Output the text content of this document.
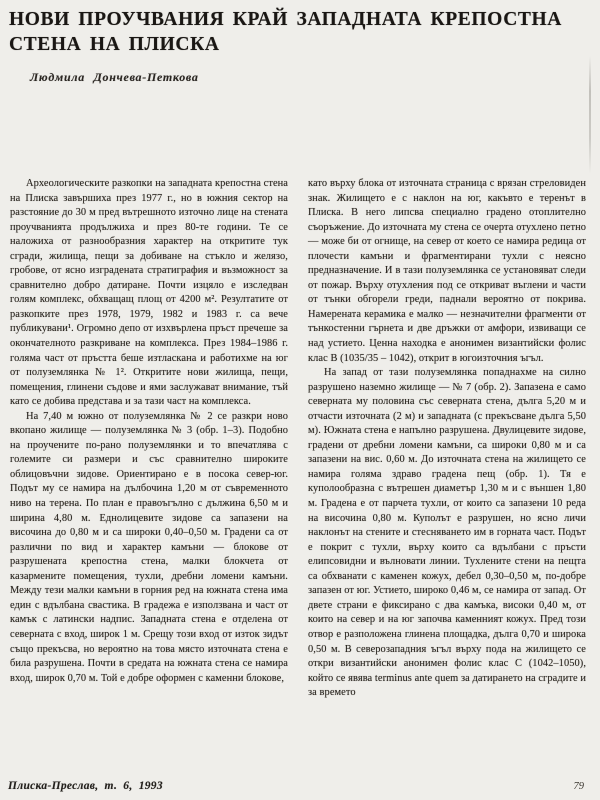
НОВИ ПРОУЧВАНИЯ КРАЙ ЗАПАДНАТА КРЕПОСТНА СТЕНА НА ПЛИСКА
Людмила Дончева-Петкова

Археологическите разкопки на западната крепостна стена на Плиска завършиха през 1977 г., но в южния сектор на разстояние до 30 м пред вътрешното източно лице на стената проучванията продължиха и през 80-те години. Те се наложиха от разнообразния характер на откритите тук сгради, жилища, пещи за добиване на стъкло и желязо, гробове, от ясно изградената стратиграфия и възможност за сравнително добро датиране. Почти изцяло е изследван голям комплекс, обхващащ площ от 4200 м². Резултатите от разкопките през 1978, 1979, 1982 и 1983 г. са вече публикувани¹. Огромно депо от изхвърлена пръст пречеше за окончателното разкриване на комплекса. През 1984–1986 г. голяма част от пръстта беше изтласкана и работихме на юг от полуземлянка № 1². Откритите нови жилища, пещи, помещения, глинени съдове и ями заслужават внимание, тъй като се добива представа и за тази част на комплекса.

На 7,40 м южно от полуземлянка № 2 се разкри ново вкопано жилище — полуземлянка № 3 (обр. 1–3). Подобно на проучените по-рано полуземлянки и то впечатлява с големите си размери и със сравнително широките облицовъчни зидове. Ориентирано е в посока север-юг. Подът му се намира на дълбочина 1,20 м от съвременното ниво на терена. По план е правоъгълно с дължина 6,50 м и ширина 4,80 м. Еднолицевите зидове са запазени на височина до 0,80 м и са широки 0,40–0,50 м. Градени са от различни по вид и характер камъни — блокове от разрушената крепостна стена, малки блокчета от казармените помещения, тухли, дребни ломени камъни. Между тези малки камъни в горния ред на южната стена има един с вдълбана свастика. В градежа е използвана и част от камък с латински надпис. Западната стена е отделена от северната с вход, широк 1 м. Срещу този вход от изток зидът също прекъсва, но вероятно на това място източната стена е била разрушена. Почти в средата на южната стена се намира вход, широк 0,70 м. Той е добре оформен с каменни блокове,

като върху блока от източната страница с врязан стреловиден знак. Жилището е с наклон на юг, какъвто е теренът в Плиска. В него липсва специално градено отоплително съоръжение. До източната му стена се очерта отухлено петно — може би от огнище, на север от което се намира редица от плочести камъни и фрагментирани тухли с неясно предназначение. И в тази полуземлянка се установяват следи от пожар. Върху отухления под се откриват въглени и части от тънки обгорели греди, паднали вероятно от покрива. Намерената керамика е малко — незначителни фрагменти от тънкостенни гърнета и две дръжки от амфори, извиващи се над устието. Ценна находка е анонимен византийски фолис клас В (1035/35 – 1042), открит в югоизточния ъгъл.

На запад от тази полуземлянка попаднахме на силно разрушено наземно жилище — № 7 (обр. 2). Запазена е само северната му половина със северната стена, дълга 5,20 м и отчасти източната (2 м) и западната (с прекъсване дълга 5,50 м). Южната стена е напълно разрушена. Двулицевите зидове, градени от дребни ломени камъни, са широки 0,80 м и са запазени на вис. 0,60 м. До източната стена на жилището се намира голяма здраво градена пещ (обр. 1). Тя е куполообразна с вътрешен диаметър 1,30 м и с външен 1,80 м. Градена е от парчета тухли, от които са запазени 10 реда на височина 0,80 м. Куполът е разрушен, но ясно личи наклонът на стените и стесняването им в горната част. Подът е покрит с тухли, върху които са вдълбани с пръсти елипсовидни и вълновати линии. Тухлените стени на пещта са обхванати с каменен кожух, дебел 0,30–0,50 м, по-добре запазен от юг. Устието, широко 0,46 м, се намира от запад. От двете страни е фиксирано с два камъка, високи 0,40 м, от които на север и на юг започва каменният кожух. Пред този отвор е разположена глинена площадка, дълга 0,70 и широка 0,50 м. В северозападния ъгъл върху пода на жилището се откри византийски анонимен фолис клас С (1042–1050), който се явява terminus ante quem за датирането на сградите и за времето

Плиска-Преслав, т. 6, 1993	79
